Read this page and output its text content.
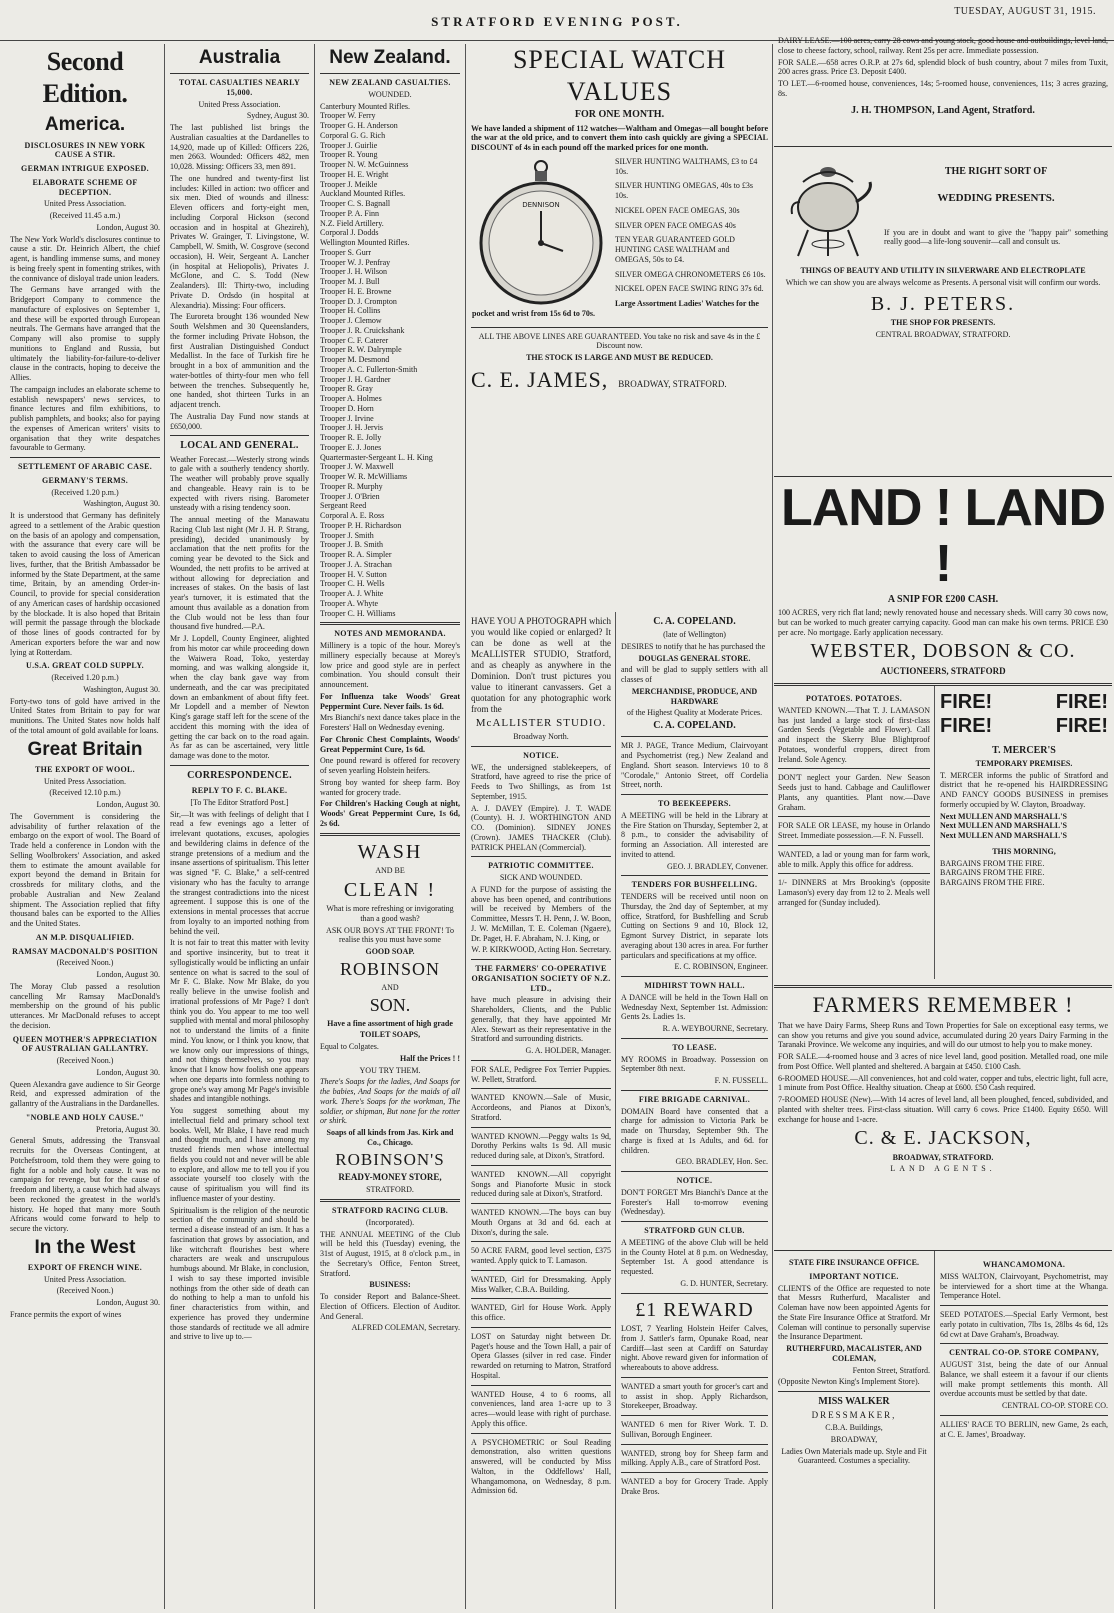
STRATFORD EVENING POST.
TUESDAY, AUGUST 31, 1915.
Second Edition.
America.
DISCLOSURES IN NEW YORK CAUSE A STIR.
GERMAN INTRIGUE EXPOSED.
ELABORATE SCHEME OF DECEPTION.
United Press Association.
(Received 11.45 a.m.)
London, August 30.

The New York World's disclosures continue to cause a stir. Dr. Heinrich Albert, the chief agent, is handling immense sums, and money is being freely spent in fomenting strikes, with the connivance of disloyal trade union leaders.

The Germans have arranged with the Bridgeport Company to commence the manufacture of explosives on September 1, and these will be exported through European neutrals. The Germans have arranged that the Company will also promise to supply munitions to England and Russia, but ultimately the liability-for-failure-to-deliver clause in the contracts, hoping to deceive the Allies.

The campaign includes an elaborate scheme to establish newspapers' news services, to finance lectures and film exhibitions, to publish pamphlets, and books; also for paying the expenses of American writers' visits to organisation that they write despatches favourable to Germany.

SETTLEMENT OF ARABIC CASE.
GERMANY'S TERMS.
(Received 1.20 p.m.)
Washington, August 30.

It is understood that Germany has definitely agreed to a settlement of the Arabic question on the basis of an apology and compensation, with the assurance that every care will be taken to avoid causing the loss of American lives, further, that the British Ambassador be informed by the State Department, at the same time, Britain, by an amending Order-in-Council, to provide for special consideration of any American cases of hardship occasioned by the blockade. It is also hoped that Britain will permit the passage through the blockade of those lines of goods contracted for by American exporters before the war and now lying at Rotterdam.

U.S.A. GREAT COLD SUPPLY.
(Received 1.20 p.m.)
Washington, August 30.

Forty-two tons of gold have arrived in the United States from Britain to pay for war munitions. The United States now holds half of the total amount of gold available for loans.

Great Britain
THE EXPORT OF WOOL.
United Press Association.
(Received 12.10 p.m.)
London, August 30.

The Government is considering the advisability of further relaxation of the embargo on the export of wool. The Board of Trade held a conference in London with the Selling Woolbrokers' Association, and asked them to estimate the amount available for export beyond the demand in Britain for crossbreds for military cloths, and the probable Australian and New Zealand shipment. The Association replied that fifty thousand bales can be exported to the Allies and the United States.

AN M.P. DISQUALIFIED.
RAMSAY MACDONALD'S POSITION
(Received Noon.)
London, August 30.

The Moray Club passed a resolution cancelling Mr Ramsay MacDonald's membership on the ground of his public utterances. Mr MacDonald refuses to accept the decision.

QUEEN MOTHER'S APPRECIATION OF AUSTRALIAN GALLANTRY.
(Received Noon.)
London, August 30.

Queen Alexandra gave audience to Sir George Reid, and expressed admiration of the gallantry of the Australians in the Dardanelles.

"NOBLE AND HOLY CAUSE."
Pretoria, August 30.

General Smuts, addressing the Transvaal recruits for the Overseas Contingent, at Potchefstroom, told them they were going to fight for a noble and holy cause. It was no campaign for revenge, but for the cause of freedom and liberty, a cause which had always been reckoned the greatest in the world's history. He hoped that many more South Africans would come forward to help to secure the victory.

In the West
EXPORT OF FRENCH WINE.
United Press Association.
(Received Noon.)
London, August 30.

France permits the export of wines

Australia
TOTAL CASUALTIES NEARLY 15,000.
United Press Association.
Sydney, August 30.

The last published list brings the Australian casualties at the Dardanelles to 14,920, made up of Killed: Officers 226, men 2663. Wounded: Officers 482, men 10,028. Missing: Officers 33, men 891.

The one hundred and twenty-first list includes: Killed in action: two officer and six men. Died of wounds and illness: Eleven officers and forty-eight men, including Corporal Hickson (second occasion and in hospital at Ghezireh), Privates W. Grainger, T. Livingstone, W. Campbell, W. Smith, W. Cosgrove (second occasion), H. Weir, Sergeant A. Lancher (in hospital at Heliopolis), Privates J. McGlone, and C. S. Todd (New Zealanders). Ill: Thirty-two, including Private D. Ordsdo (in hospital at Alexandria). Missing: Four officers.

The Euroreta brought 136 wounded New South Welshmen and 30 Queenslanders, the former including Private Hobson, the first Australian Distinguished Conduct Medallist. In the face of Turkish fire he brought in a box of ammunition and the water-bottles of thirty-four men who fell between the trenches. Subsequently he, one handed, shot thirteen Turks in an adjacent trench.

The Australia Day Fund now stands at £650,000.

LOCAL AND GENERAL.

Weather Forecast.—Westerly strong winds to gale with a southerly tendency shortly. The weather will probably prove squally and changeable. Heavy rain is to be expected with rivers rising. Barometer unsteady with a rising tendency soon.

The annual meeting of the Manawatu Racing Club last night (Mr J. H. P. Strang, presiding), decided unanimously by acclamation that the nett profits for the coming year be devoted to the Sick and Wounded, the nett profits to be arrived at without allowing for depreciation and increases of stakes. On the basis of last year's turnover, it is estimated that the amount thus available as a donation from the Club would not be less than four thousand five hundred.—P.A.

Mr J. Lopdell, County Engineer, alighted from his motor car while proceeding down the Waiwera Road, Toko, yesterday morning, and was walking alongside it, when the clay bank gave way from underneath, and the car was precipitated down an embankment of about fifty feet. Mr Lopdell and a member of Newton King's garage staff left for the scene of the accident this morning with the idea of getting the car back on to the road again. As far as can be ascertained, very little damage was done to the motor.

CORRESPONDENCE.
REPLY TO F. C. BLAKE.
[To The Editor Stratford Post.]

Sir,—It was with feelings of delight that I read a few evenings ago a letter of irrelevant quotations, excuses, apologies and bewildering claims in defence of the strange pretensions of a medium and the insane assertions of spiritualism. This letter was signed "F. C. Blake," a self-centred visionary who has the faculty to arrange the strangest contradictions into the nicest agreement. I suppose this is one of the extensions in mental processes that accrue from loyalty to an imported nothing from behind the veil.

It is not fair to treat this matter with levity and sportive insincerity, but to treat it syllogistically would be inflicting an unfair sentence on what is sacred to the soul of Mr F. C. Blake. Now Mr Blake, do you really believe in the unwise foolish and irrational professions of Mr Page? I don't think you do. You appear to me too well supplied with mental and moral philosophy not to understand the limits of a finite mind. You know, or I think you know, that we know only our impressions of things, and not things themselves, so you may know that I know how foolish one appears when one departs into formless nothing to grope one's way among Mr Page's invisible shades and intangible nothings.

You suggest something about my intellectual field and primary school text books. Well, Mr Blake, I have read much and thought much, and I have among my trusted friends men whose intellectual fields you could not and never will be able to explore, and allow me to tell you if you associate yourself too closely with the cause of spiritualism you will find its influence master of your destiny.

Spiritualism is the religion of the neurotic section of the community and should be termed a disease instead of an ism. It has a fascination that grows by association, and like witchcraft flourishes best where characters are weak and unscrupulous humbugs abound. Mr Blake, in conclusion, I wish to say these imported invisible nothings from the other side of death can do nothing to help a man to unfold his finer characteristics from within, and experience has proved they undermine those standards of rectitude we all admire and strive to live up to.—

New Zealand.
NEW ZEALAND CASUALTIES.
WOUNDED.
Canterbury Mounted Rifles.
Trooper W. Ferry
Trooper G. H. Anderson
Corporal G. G. Rich
Trooper J. Guirlie
Trooper R. Young
Trooper N. W. McGuinness
Trooper H. E. Wright
Trooper J. Meikle
Auckland Mounted Rifles.
Trooper C. S. Bagnall
Trooper P. A. Finn
N.Z. Field Artillery.
Corporal J. Dodds
Wellington Mounted Rifles.
Trooper S. Gurr
Trooper W. J. Penfray
Trooper J. H. Wilson
Trooper M. J. Bull
Trooper H. E. Browne
Trooper D. J. Crompton
Trooper H. Collins
Trooper J. Clemow
Trooper J. R. Cruickshank
Trooper C. F. Caterer
Trooper R. W. Dalrymple
Trooper M. Desmond
Trooper A. C. Fullerton-Smith
Trooper J. H. Gardner
Trooper R. Gray
Trooper A. Holmes
Trooper D. Horn
Trooper J. Irvine
Trooper J. H. Jervis
Trooper R. E. Jolly
Trooper E. J. Jones
Quartermaster-Sergeant L. H. King
Trooper J. W. Maxwell
Trooper W. R. McWilliams
Trooper R. Murphy
Trooper J. O'Brien
Sergeant Reed
Corporal A. E. Ross
Trooper P. H. Richardson
Trooper J. Smith
Trooper J. B. Smith
Trooper R. A. Simpler
Trooper J. A. Strachan
Trooper H. V. Sutton
Trooper C. H. Wells
Trooper A. J. White
Trooper A. Whyte
Trooper C. H. Williams
NOTES AND MEMORANDA.

Millinery is a topic of the hour. Morey's millinery especially because at Morey's low price and good style are in perfect combination. You should consult their announcement.

For Influenza take Woods' Great Peppermint Cure. Never fails. 1s 6d.

Mrs Bianchi's next dance takes place in the Foresters' Hall on Wednesday evening.

For Chronic Chest Complaints, Woods' Great Peppermint Cure, 1s 6d.

One pound reward is offered for recovery of seven yearling Holstein heifers.

Strong boy wanted for sheep farm. Boy wanted for grocery trade.

For Children's Hacking Cough at night, Woods' Great Peppermint Cure, 1s 6d, 2s 6d.

WASH
AND BE
CLEAN !

What is more refreshing or invigorating than a good wash?

ASK OUR BOYS AT THE FRONT! To realise this you must have some

GOOD SOAP.
ROBINSON
AND
SON.
Have a fine assortment of high grade
TOILET SOAPS,
Equal to Colgates.
Half the Prices ! !
YOU TRY THEM.

There's Soaps for the ladies, And Soaps for the babies, And Soaps for the maids of all work. There's Soaps for the workman, The soldier, or shipman, But none for the rotter or shirk.

Soaps of all kinds from Jas. Kirk and Co., Chicago.
ROBINSON'S
READY-MONEY STORE,
STRATFORD.
STRATFORD RACING CLUB.
(Incorporated).

THE ANNUAL MEETING of the Club will be held this (Tuesday) evening, the 31st of August, 1915, at 8 o'clock p.m., in the Secretary's Office, Fenton Street, Stratford.

BUSINESS:

To consider Report and Balance-Sheet. Election of Officers. Election of Auditor. And General.

ALFRED COLEMAN, Secretary.
SPECIAL WATCH VALUES
FOR ONE MONTH.

We have landed a shipment of 112 watches—Waltham and Omegas—all bought before the war at the old price, and to convert them into cash quickly are giving a SPECIAL DISCOUNT of 4s in each pound off the marked prices for one month.

DENNISON
SILVER HUNTING WALTHAMS, £3 to £4 10s.
SILVER HUNTING OMEGAS, 40s to £3s 10s.
NICKEL OPEN FACE OMEGAS, 30s
SILVER OPEN FACE OMEGAS 40s
TEN YEAR GUARANTEED GOLD HUNTING CASE WALTHAM and OMEGAS, 50s to £4.
SILVER OMEGA CHRONOMETERS £6 10s.
NICKEL OPEN FACE SWING RING 37s 6d.
Large Assortment Ladies' Watches for the pocket and wrist from 15s 6d to 70s.
ALL THE ABOVE LINES ARE GUARANTEED. You take no risk and save 4s in the £ Discount now.
THE STOCK IS LARGE AND MUST BE REDUCED.
C. E. JAMES, BROADWAY, STRATFORD.

HAVE YOU A PHOTOGRAPH which you would like copied or enlarged? It can be done as well at the McALLISTER STUDIO, Stratford, and as cheaply as anywhere in the Dominion. Don't trust pictures you value to itinerant canvassers. Get a quotation for any photographic work from the

McALLISTER STUDIO.
Broadway North.
NOTICE.

WE, the undersigned stablekeepers, of Stratford, have agreed to rise the price of Feeds to Two Shillings, as from 1st September, 1915.

A. J. DAVEY (Empire). J. T. WADE (County). H. J. WORTHINGTON AND CO. (Dominion). SIDNEY JONES (Crown). JAMES THACKER (Club). PATRICK PHELAN (Commercial).

PATRIOTIC COMMITTEE.
SICK AND WOUNDED.

A FUND for the purpose of assisting the above has been opened, and contributions will be received by Members of the Committee, Messrs T. H. Penn, J. W. Boon, J. W. McMillan, T. E. Coleman (Ngaere), Dr. Paget, H. F. Abraham, N. J. King, or

W. P. KIRKWOOD, Acting Hon. Secretary.
THE FARMERS' CO-OPERATIVE ORGANISATION SOCIETY OF N.Z. LTD.,

have much pleasure in advising their Shareholders, Clients, and the Public generally, that they have appointed Mr Alex. Stewart as their representative in the Stratford and surrounding districts.

G. A. HOLDER, Manager.

FOR SALE, Pedigree Fox Terrier Puppies. W. Pellett, Stratford.

WANTED KNOWN.—Sale of Music, Accordeons, and Pianos at Dixon's, Stratford.

WANTED KNOWN.—Peggy walts 1s 9d, Dorothy Perkins walts 1s 9d. All music reduced during sale, at Dixon's, Stratford.

WANTED KNOWN.—All copyright Songs and Pianoforte Music in stock reduced during sale at Dixon's, Stratford.

WANTED KNOWN.—The boys can buy Mouth Organs at 3d and 6d. each at Dixon's, during the sale.

50 ACRE FARM, good level section, £375 wanted. Apply quick to T. Lamason.

WANTED, Girl for Dressmaking. Apply Miss Walker, C.B.A. Building.

WANTED, Girl for House Work. Apply this office.

LOST on Saturday night between Dr. Paget's house and the Town Hall, a pair of Opera Glasses (silver in red case. Finder rewarded on returning to Matron, Stratford Hospital.

WANTED House, 4 to 6 rooms, all conveniences, land area 1-acre up to 3 acres—would lease with right of purchase. Apply this office.

A PSYCHOMETRIC or Soul Reading demonstration, also written questions answered, will be conducted by Miss Walton, in the Oddfellows' Hall, Whangamomona, on Wednesday, 8 p.m. Admission 6d.

C. A. COPELAND.
(late of Wellington)

DESIRES to notify that he has purchased the

DOUGLAS GENERAL STORE.

and will be glad to supply settlers with all classes of

MERCHANDISE, PRODUCE, AND HARDWARE

of the Highest Quality at Moderate Prices.

C. A. COPELAND.

MR J. PAGE, Trance Medium, Clairvoyant and Psychometrist (reg.) New Zealand and England. Short season. Interviews 10 to 8 "Corodale," Antonio Street, off Cordelia Street, north.

TO BEEKEEPERS.

A MEETING will be held in the Library at the Fire Station on Thursday, September 2, at 8 p.m., to consider the advisability of forming an Association. All interested are invited to attend.

GEO. J. BRADLEY, Convener.
TENDERS FOR BUSHFELLING.

TENDERS will be received until noon on Thursday, the 2nd day of September, at my office, Stratford, for Bushfelling and Scrub Cutting on Sections 9 and 10, Block 12, Egmont Survey District, in separate lots averaging about 130 acres in area. For further particulars and specifications at my office.

E. C. ROBINSON, Engineer.
MIDHIRST TOWN HALL.

A DANCE will be held in the Town Hall on Wednesday Next, September 1st. Admission: Gents 2s. Ladies 1s.

R. A. WEYBOURNE, Secretary.
TO LEASE.

MY ROOMS in Broadway. Possession on September 8th next.

F. N. FUSSELL.
FIRE BRIGADE CARNIVAL.

DOMAIN Board have consented that a charge for admission to Victoria Park be made on Thursday, September 9th. The charge is fixed at 1s Adults, and 6d. for children.

GEO. BRADLEY, Hon. Sec.
NOTICE.

DON'T FORGET Mrs Bianchi's Dance at the Forester's Hall to-morrow evening (Wednesday).

STRATFORD GUN CLUB.

A MEETING of the above Club will be held in the County Hotel at 8 p.m. on Wednesday, September 1st. A good attendance is requested.

G. D. HUNTER, Secretary.
£1 REWARD

LOST, 7 Yearling Holstein Heifer Calves, from J. Sattler's farm, Opunake Road, near Cardiff—last seen at Cardiff on Saturday night. Above reward given for information of whereabouts to above address.

WANTED a smart youth for grocer's cart and to assist in shop. Apply Richardson, Storekeeper, Broadway.

WANTED 6 men for River Work. T. D. Sullivan, Borough Engineer.

WANTED, strong boy for Sheep farm and milking. Apply A.B., care of Stratford Post.

WANTED a boy for Grocery Trade. Apply Drake Bros.

DAIRY LEASE.—100 acres, carry 28 cows and young stock, good house and outbuildings, level land, close to cheese factory, school, railway. Rent 25s per acre. Immediate possession.

FOR SALE.—658 acres O.R.P. at 27s 6d, splendid block of bush country, about 7 miles from Tuxit, 200 acres grass. Price £3. Deposit £400.

TO LET.—6-roomed house, conveniences, 14s; 5-roomed house, conveniences, 11s; 3 acres grazing, 8s.

J. H. THOMPSON, Land Agent, Stratford.
THE RIGHT SORT OF
WEDDING PRESENTS.

If you are in doubt and want to give the "happy pair" something really good—a life-long souvenir—call and consult us.

THINGS OF BEAUTY AND UTILITY IN SILVERWARE AND ELECTROPLATE

Which we can show you are always welcome as Presents. A personal visit will confirm our words.

B. J. PETERS.
THE SHOP FOR PRESENTS.
CENTRAL BROADWAY, STRATFORD.
LAND ! LAND !
A SNIP FOR £200 CASH.

100 ACRES, very rich flat land; newly renovated house and necessary sheds. Will carry 30 cows now, but can be worked to much greater carrying capacity. Good man can make his own terms. PRICE £30 per acre. No mortgage. Early application necessary.

WEBSTER, DOBSON & CO.
AUCTIONEERS, STRATFORD

POTATOES. POTATOES.

WANTED KNOWN.—That T. J. LAMASON has just landed a large stock of first-class Garden Seeds (Vegetable and Flower). Call and inspect the Skerry Blue Blightproof Potatoes, wonderful croppers, direct from Ireland. Sole Agency.

DON'T neglect your Garden. New Season Seeds just to hand. Cabbage and Cauliflower Plants, any quantities. Plant now.—Dave Graham.

FOR SALE OR LEASE, my house in Orlando Street. Immediate possession.—F. N. Fussell.

WANTED, a lad or young man for farm work, able to milk. Apply this office for address.

1/- DINNERS at Mrs Brooking's (opposite Lamason's) every day from 12 to 2. Meals well arranged for (Sunday included).

FIRE!	FIRE!
FIRE!	FIRE!
T. MERCER'S
TEMPORARY PREMISES.

T. MERCER informs the public of Stratford and district that he re-opened his HAIRDRESSING AND FANCY GOODS BUSINESS in premises formerly occupied by W. Clayton, Broadway.

Next MULLEN AND MARSHALL'S
Next MULLEN AND MARSHALL'S
Next MULLEN AND MARSHALL'S
THIS MORNING,
BARGAINS FROM THE FIRE.
BARGAINS FROM THE FIRE.
BARGAINS FROM THE FIRE.
FARMERS REMEMBER !

That we have Dairy Farms, Sheep Runs and Town Properties for Sale on exceptional easy terms, we can show you returns and give you sound advice, accumulated during 20 years Dairy Farming in the Taranaki Province. We welcome any inquiries, and will do our utmost to help you to make money.

FOR SALE.—4-roomed house and 3 acres of nice level land, good position. Metalled road, one mile from Post Office. Well planted and sheltered. A bargain at £450. £100 Cash.

6-ROOMED HOUSE.—All conveniences, hot and cold water, copper and tubs, electric light, full acre, 1 minute from Post Office. Healthy situation. Cheap at £600. £50 Cash required.

7-ROOMED HOUSE (New).—With 14 acres of level land, all been ploughed, fenced, subdivided, and planted with shelter trees. First-class situation. Will carry 6 cows. Price £1400. Equity £650. Will exchange for house and 1-acre.

C. & E. JACKSON,
BROADWAY, STRATFORD.
LAND AGENTS.
STATE FIRE INSURANCE OFFICE.
IMPORTANT NOTICE.

CLIENTS of the Office are requested to note that Messrs Rutherfurd, Macalister and Coleman have now been appointed Agents for the State Fire Insurance Office at Stratford. Mr Coleman will continue to personally supervise the Insurance Department.

RUTHERFURD, MACALISTER, AND COLEMAN,
Fenton Street, Stratford.
(Opposite Newton King's Implement Store).
MISS WALKER
DRESSMAKER,
C.B.A. Buildings,
BROADWAY,

Ladies Own Materials made up. Style and Fit Guaranteed. Costumes a speciality.

WHANCAMOMONA.

MISS WALTON, Clairvoyant, Psychometrist, may be interviewed for a short time at the Whanga. Temperance Hotel.

SEED POTATOES.—Special Early Vermont, best early potato in cultivation, 7lbs 1s, 28lbs 4s 6d, 12s 6d cwt at Dave Graham's, Broadway.

CENTRAL CO-OP. STORE COMPANY,

AUGUST 31st, being the date of our Annual Balance, we shall esteem it a favour if our clients will make prompt settlements this month. All overdue accounts must be settled by that date.

CENTRAL CO-OP. STORE CO.

ALLIES' RACE TO BERLIN, new Game, 2s each, at C. E. James', Broadway.
